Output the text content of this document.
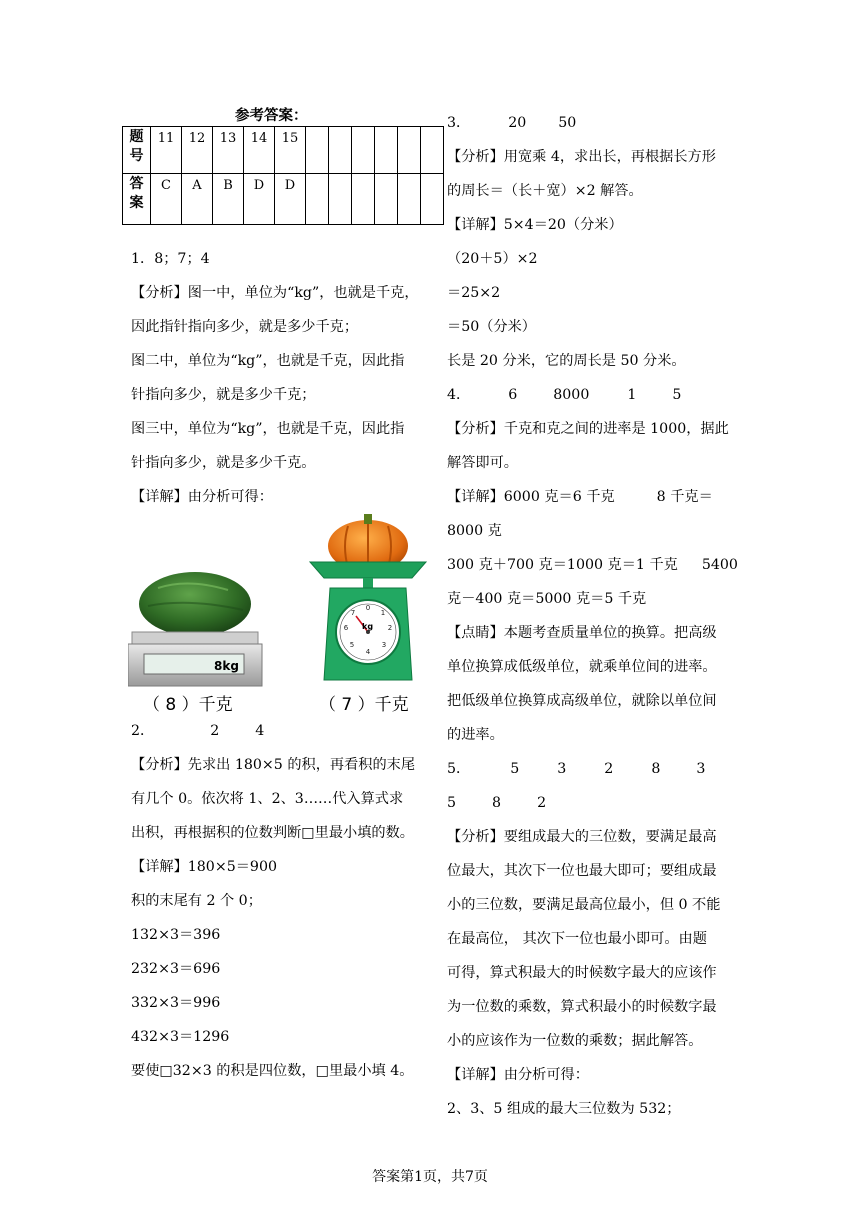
参考答案：
题
号	11	12	13	14	15						

答
案	C	A	B	D	D						
1．8；7；4
【分析】图一中，单位为“kg”，也就是千克，
因此指针指向多少，就是多少千克；
图二中，单位为“kg”，也就是千克，因此指
针指向多少，就是多少千克；
图三中，单位为“kg”，也就是千克，因此指
针指向多少，就是多少千克。
【详解】由分析可得：
8kg
（ 8 ）千克
0
1
2
3
4
5
6
7
kg
（ 7 ）千克
2．	2	4
【分析】先求出 180×5 的积，再看积的末尾
有几个 0。依次将 1、2、3……代入算式求
出积，再根据积的位数判断□里最小填的数。
【详解】180×5＝900
积的末尾有 2 个 0；
132×3＝396
232×3＝696
332×3＝996
432×3＝1296
要使□32×3 的积是四位数，□里最小填 4。
3．	20 50
【分析】用宽乘 4，求出长，再根据长方形
的周长＝（长＋宽）×2 解答。
【详解】5×4＝20（分米）
（20＋5）×2
＝25×2
＝50（分米）
长是 20 分米，它的周长是 50 分米。
4．	6	8000	1	5
【分析】千克和克之间的进率是 1000，据此
解答即可。
【详解】6000 克＝6 千克	8 千克＝
8000 克
300 克＋700 克＝1000 克＝1 千克 5400
克－400 克＝5000 克＝5 千克
【点睛】本题考查质量单位的换算。把高级
单位换算成低级单位，就乘单位间的进率。
把低级单位换算成高级单位，就除以单位间
的进率。
5．	5	3	2	8	3
5	8	2
【分析】要组成最大的三位数，要满足最高
位最大，其次下一位也最大即可；要组成最
小的三位数，要满足最高位最小，但 0 不能
在最高位， 其次下一位也最小即可。由题
可得，算式积最大的时候数字最大的应该作
为一位数的乘数，算式积最小的时候数字最
小的应该作为一位数的乘数；据此解答。
【详解】由分析可得：
2、3、5 组成的最大三位数为 532；
答案第1页，共7页
